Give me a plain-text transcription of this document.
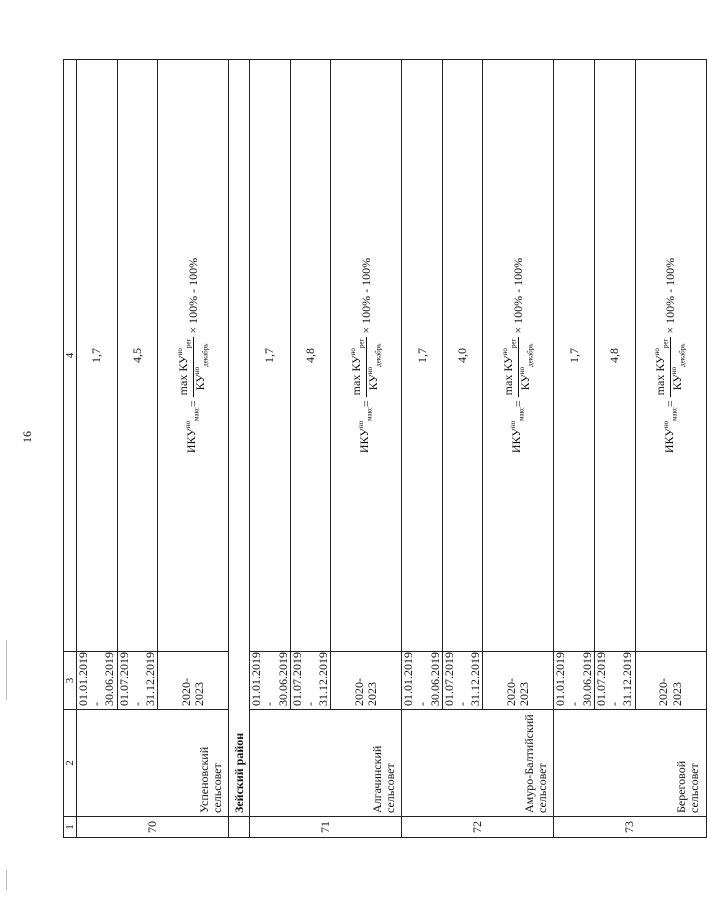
16
1	2	3	4
70	Успеновский сельсовет	01.01.2019 - 30.06.2019	1,7
		01.07.2019 - 31.12.2019	4,5
		2020-2023	$ИКУ^{но}_{макс}$
=
$\max КУ^{но}_{рег}$
$КУ^{но}_{декабрь}$
× 100% - 100%

	Зейский район		
71	Алгачинский сельсовет	01.01.2019 - 30.06.2019	1,7
		01.07.2019 - 31.12.2019	4,8
		2020-2023	$ИКУ^{но}_{макс}$
=
$\max КУ^{но}_{рег}$
$КУ^{но}_{декабрь}$
× 100% - 100%

72	Амуро-Балтийский сельсовет	01.01.2019 - 30.06.2019	1,7
		01.07.2019 - 31.12.2019	4,0
		2020-2023	$ИКУ^{но}_{макс}$
=
$\max КУ^{но}_{рег}$
$КУ^{но}_{декабрь}$
× 100% - 100%

73	Береговой сельсовет	01.01.2019 - 30.06.2019	1,7
		01.07.2019 - 31.12.2019	4,8
		2020-2023	$ИКУ^{но}_{макс}$
=
$\max КУ^{но}_{рег}$
$КУ^{но}_{декабрь}$
× 100% - 100%
